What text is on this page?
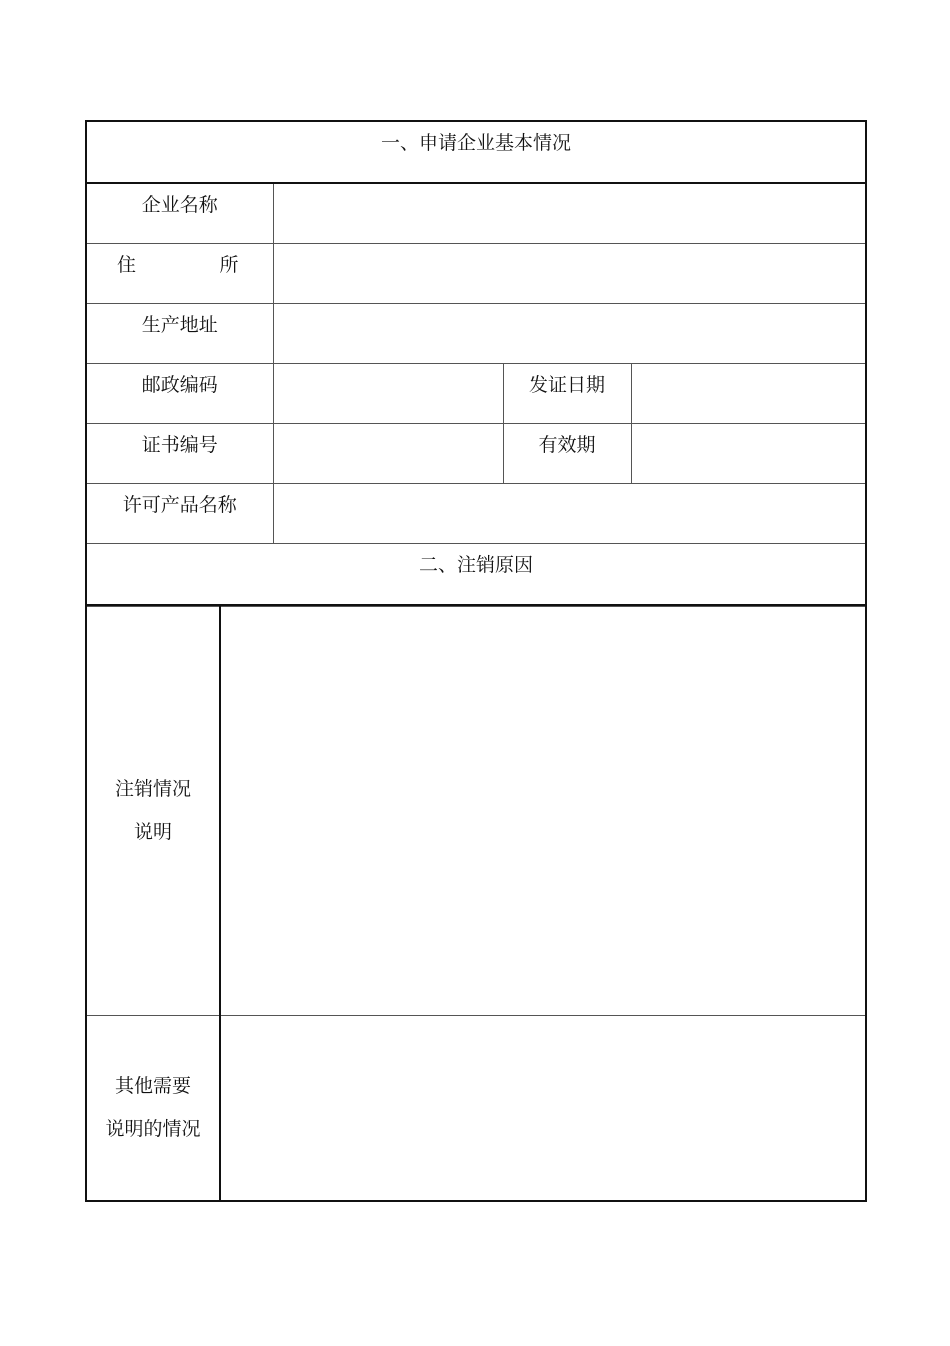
一、申请企业基本情况			
企业名称			

住 所			

生产地址			
邮政编码		发证日期	
证书编号		有效期	
许可产品名称			
二、注销原因			
注销情况
说明	

其他需要
说明的情况	
